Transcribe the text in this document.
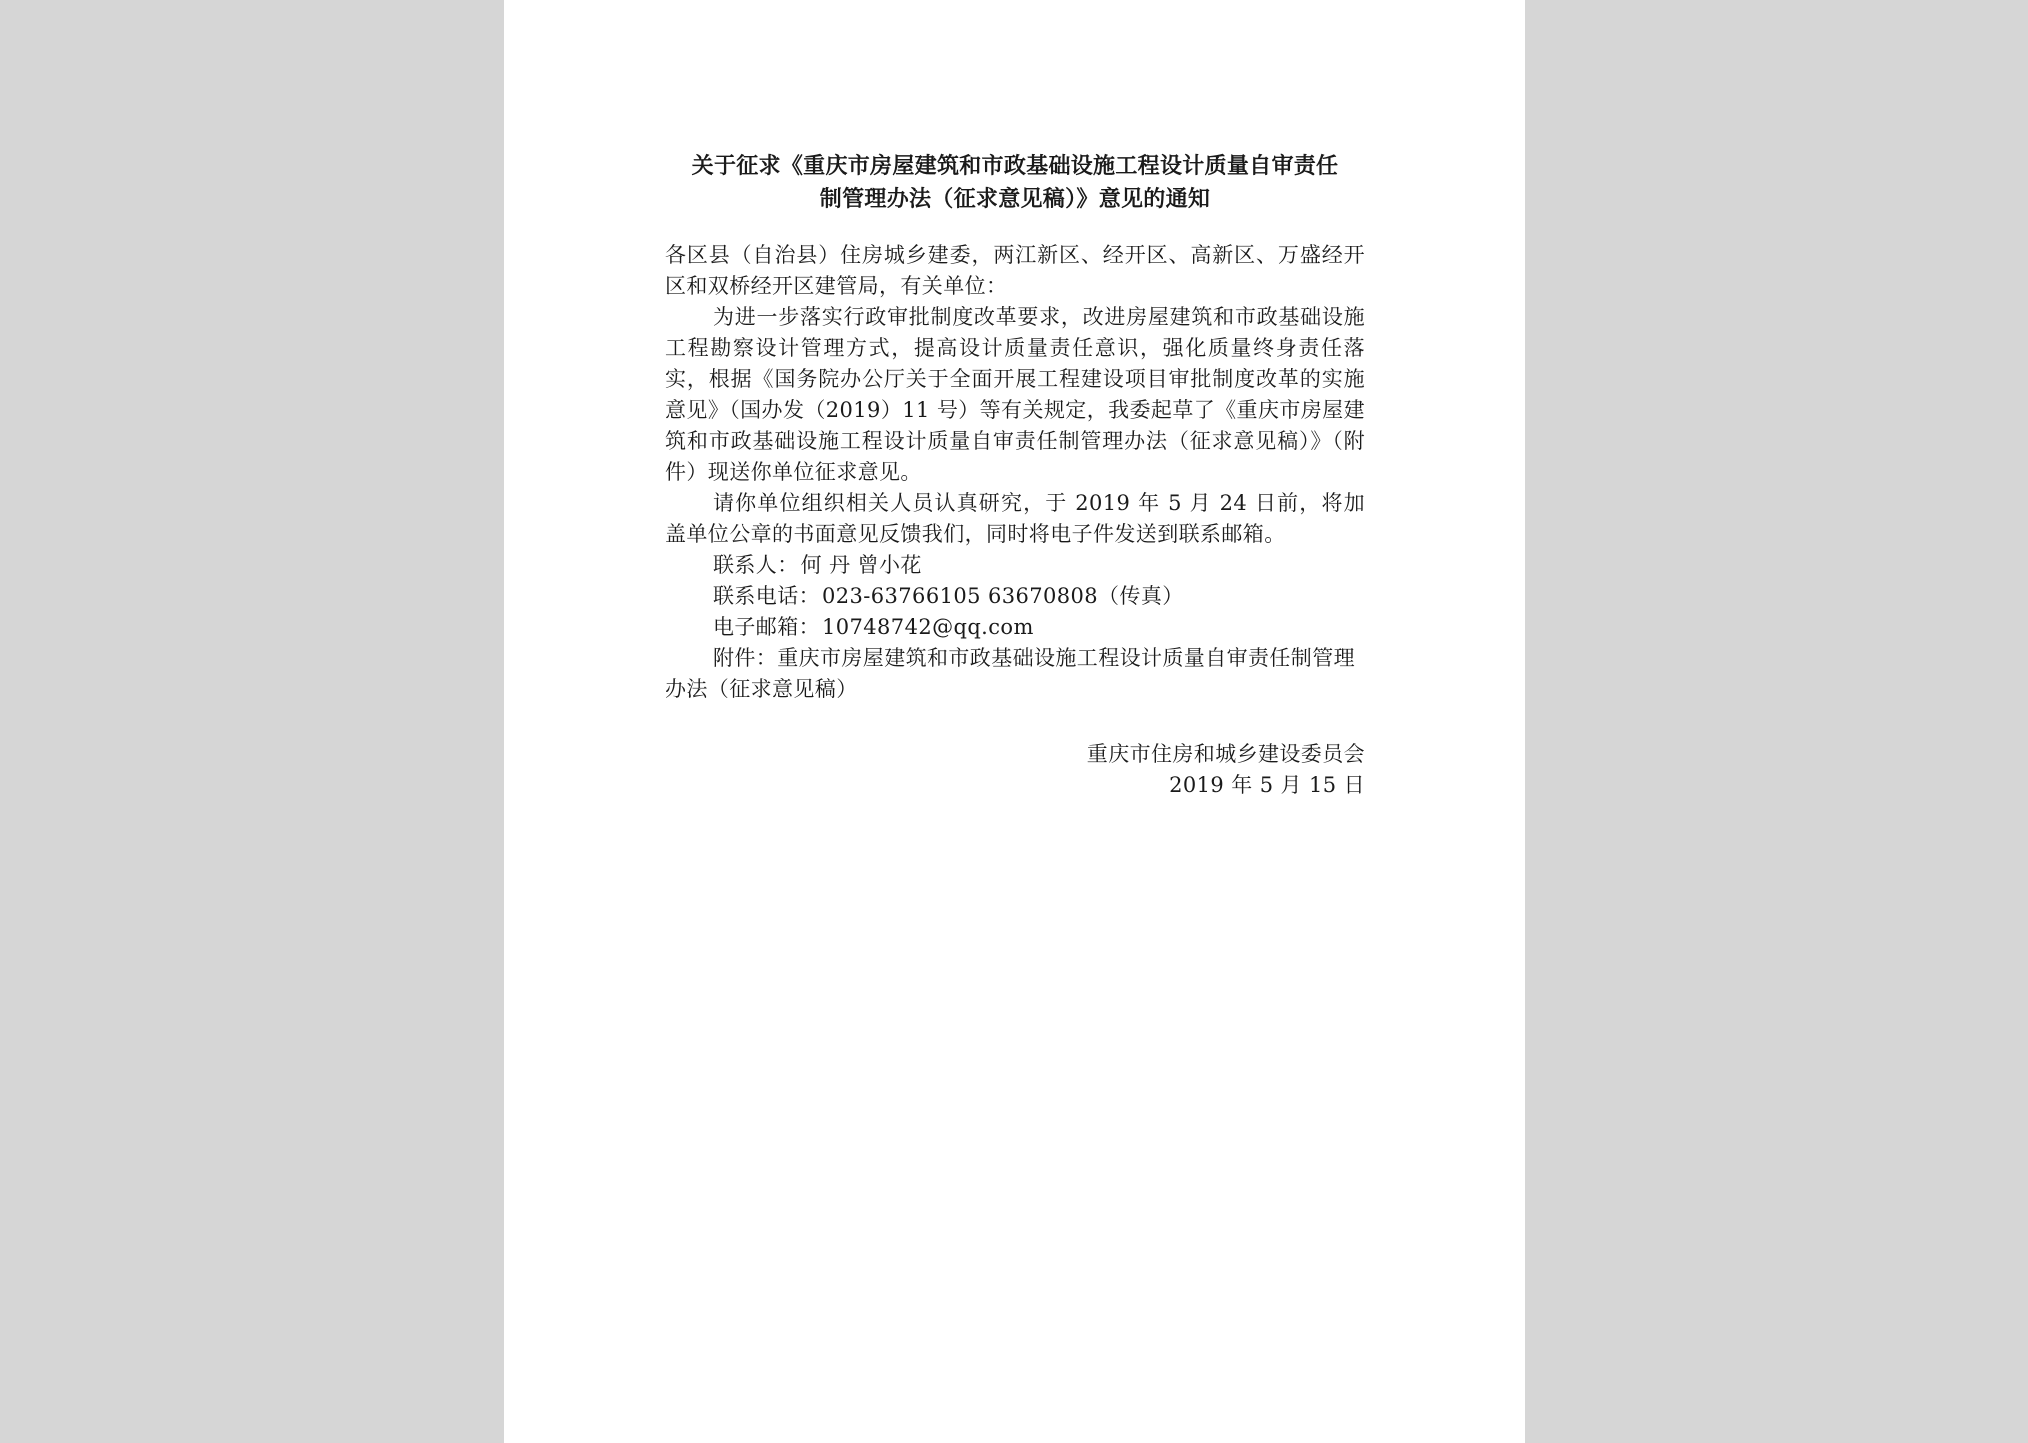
关于征求《重庆市房屋建筑和市政基础设施工程设计质量自审责任
制管理办法（征求意见稿）》意见的通知

各区县（自治县）住房城乡建委，两江新区、经开区、高新区、万盛经开区和双桥经开区建管局，有关单位：

为进一步落实行政审批制度改革要求，改进房屋建筑和市政基础设施工程勘察设计管理方式，提高设计质量责任意识，强化质量终身责任落实，根据《国务院办公厅关于全面开展工程建设项目审批制度改革的实施意见》（国办发（2019）11 号）等有关规定，我委起草了《重庆市房屋建筑和市政基础设施工程设计质量自审责任制管理办法（征求意见稿）》（附件）现送你单位征求意见。

请你单位组织相关人员认真研究，于 2019 年 5 月 24 日前，将加盖单位公章的书面意见反馈我们，同时将电子件发送到联系邮箱。

联系人：何 丹 曾小花

联系电话：023-63766105 63670808（传真）

电子邮箱：10748742@qq.com

附件：重庆市房屋建筑和市政基础设施工程设计质量自审责任制管理办法（征求意见稿）

重庆市住房和城乡建设委员会
2019 年 5 月 15 日
